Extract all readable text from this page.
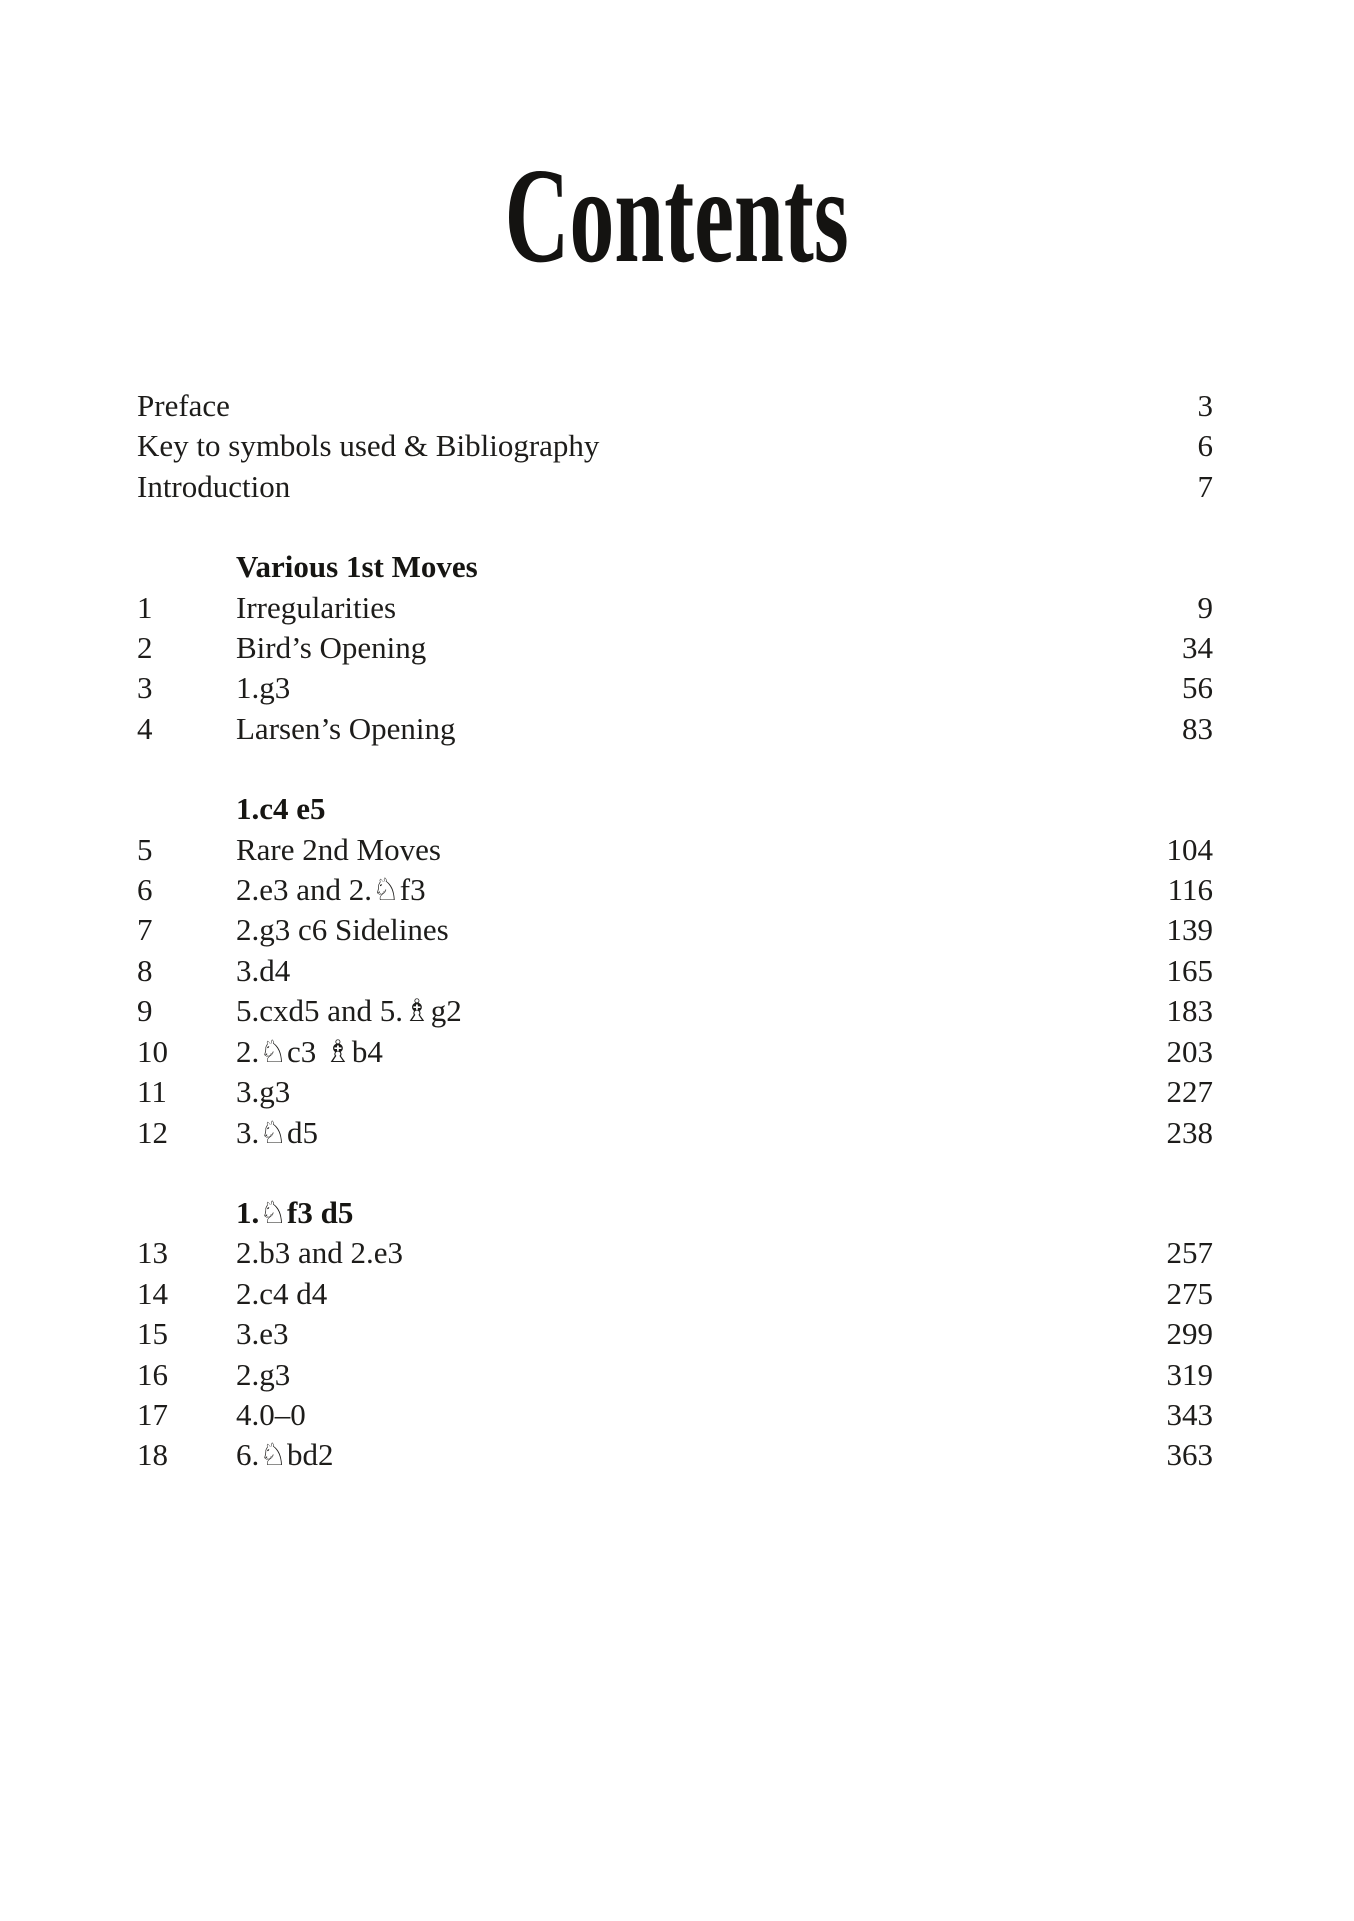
Contents
Preface	3
Key to symbols used & Bibliography	6
Introduction	7
Various 1st Moves
1	Irregularities	9
2	Bird’s Opening	34
3	1.g3	56
4	Larsen’s Opening	83
1.c4 e5
5	Rare 2nd Moves	104
6	2.e3 and 2.♘f3	116
7	2.g3 c6 Sidelines	139
8	3.d4	165
9	5.cxd5 and 5.♗g2	183
10	2.♘c3 ♗b4	203
11	3.g3	227
12	3.♘d5	238
1.♘f3 d5
13	2.b3 and 2.e3	257
14	2.c4 d4	275
15	3.e3	299
16	2.g3	319
17	4.0–0	343
18	6.♘bd2	363
